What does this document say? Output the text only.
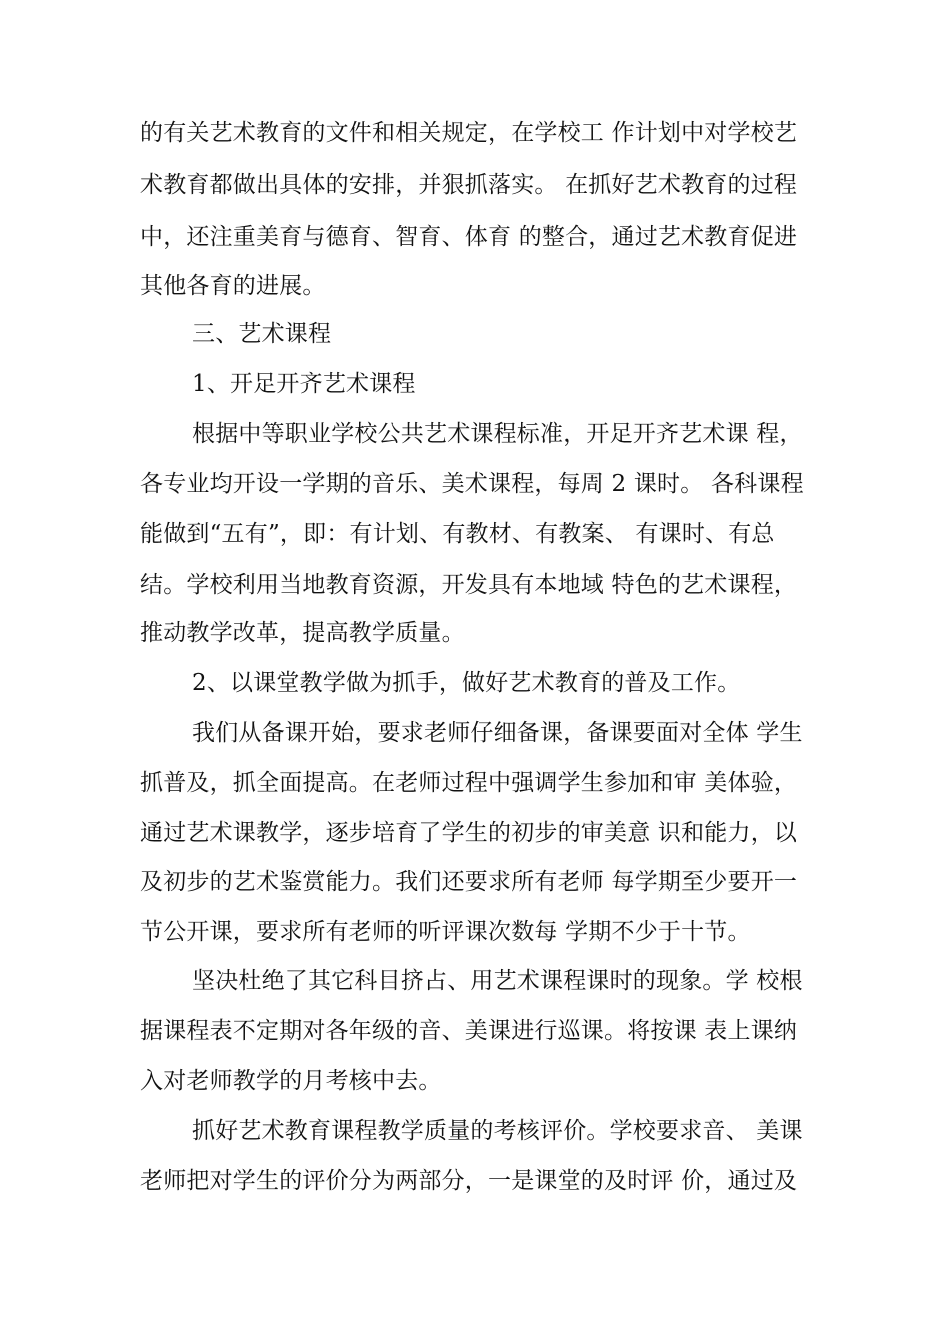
的有关艺术教育的文件和相关规定，在学校工 作计划中对学校艺
术教育都做出具体的安排，并狠抓落实。 在抓好艺术教育的过程
中，还注重美育与德育、智育、体育 的整合，通过艺术教育促进
其他各育的进展。
三、艺术课程
1、开足开齐艺术课程
根据中等职业学校公共艺术课程标准，开足开齐艺术课 程，
各专业均开设一学期的音乐、美术课程，每周 2 课时。 各科课程
能做到“五有”，即：有计划、有教材、有教案、 有课时、有总
结。学校利用当地教育资源，开发具有本地域 特色的艺术课程，
推动教学改革，提高教学质量。
2、以课堂教学做为抓手，做好艺术教育的普及工作。
我们从备课开始，要求老师仔细备课，备课要面对全体 学生
抓普及，抓全面提高。在老师过程中强调学生参加和审 美体验，
通过艺术课教学，逐步培育了学生的初步的审美意 识和能力，以
及初步的艺术鉴赏能力。我们还要求所有老师 每学期至少要开一
节公开课，要求所有老师的听评课次数每 学期不少于十节。
坚决杜绝了其它科目挤占、用艺术课程课时的现象。学 校根
据课程表不定期对各年级的音、美课进行巡课。将按课 表上课纳
入对老师教学的月考核中去。
抓好艺术教育课程教学质量的考核评价。学校要求音、 美课
老师把对学生的评价分为两部分，一是课堂的及时评 价，通过及
